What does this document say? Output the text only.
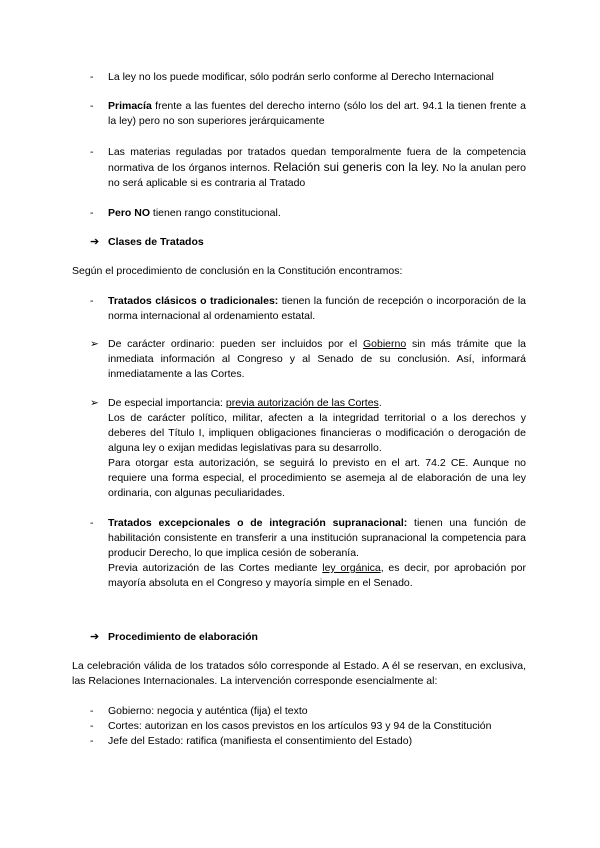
- La ley no los puede modificar, sólo podrán serlo conforme al Derecho Internacional
- Primacía frente a las fuentes del derecho interno (sólo los del art. 94.1 la tienen frente a la ley) pero no son superiores jerárquicamente
- Las materias reguladas por tratados quedan temporalmente fuera de la competencia normativa de los órganos internos. Relación sui generis con la ley. No la anulan pero no será aplicable si es contraria al Tratado
- Pero NO tienen rango constitucional.
➔ Clases de Tratados
Según el procedimiento de conclusión en la Constitución encontramos:
- Tratados clásicos o tradicionales: tienen la función de recepción o incorporación de la norma internacional al ordenamiento estatal.
➢ De carácter ordinario: pueden ser incluidos por el Gobierno sin más trámite que la inmediata información al Congreso y al Senado de su conclusión. Así, informará inmediatamente a las Cortes.
➢ De especial importancia: previa autorización de las Cortes.
Los de carácter político, militar, afecten a la integridad territorial o a los derechos y deberes del Título I, impliquen obligaciones financieras o modificación o derogación de alguna ley o exijan medidas legislativas para su desarrollo.
Para otorgar esta autorización, se seguirá lo previsto en el art. 74.2 CE. Aunque no requiere una forma especial, el procedimiento se asemeja al de elaboración de una ley ordinaria, con algunas peculiaridades.
- Tratados excepcionales o de integración supranacional: tienen una función de habilitación consistente en transferir a una institución supranacional la competencia para producir Derecho, lo que implica cesión de soberanía.
Previa autorización de las Cortes mediante ley orgánica, es decir, por aprobación por mayoría absoluta en el Congreso y mayoría simple en el Senado.
➔ Procedimiento de elaboración
La celebración válida de los tratados sólo corresponde al Estado. A él se reservan, en exclusiva, las Relaciones Internacionales. La intervención corresponde esencialmente al:
- Gobierno: negocia y auténtica (fija) el texto
- Cortes: autorizan en los casos previstos en los artículos 93 y 94 de la Constitución
- Jefe del Estado: ratifica (manifiesta el consentimiento del Estado)
